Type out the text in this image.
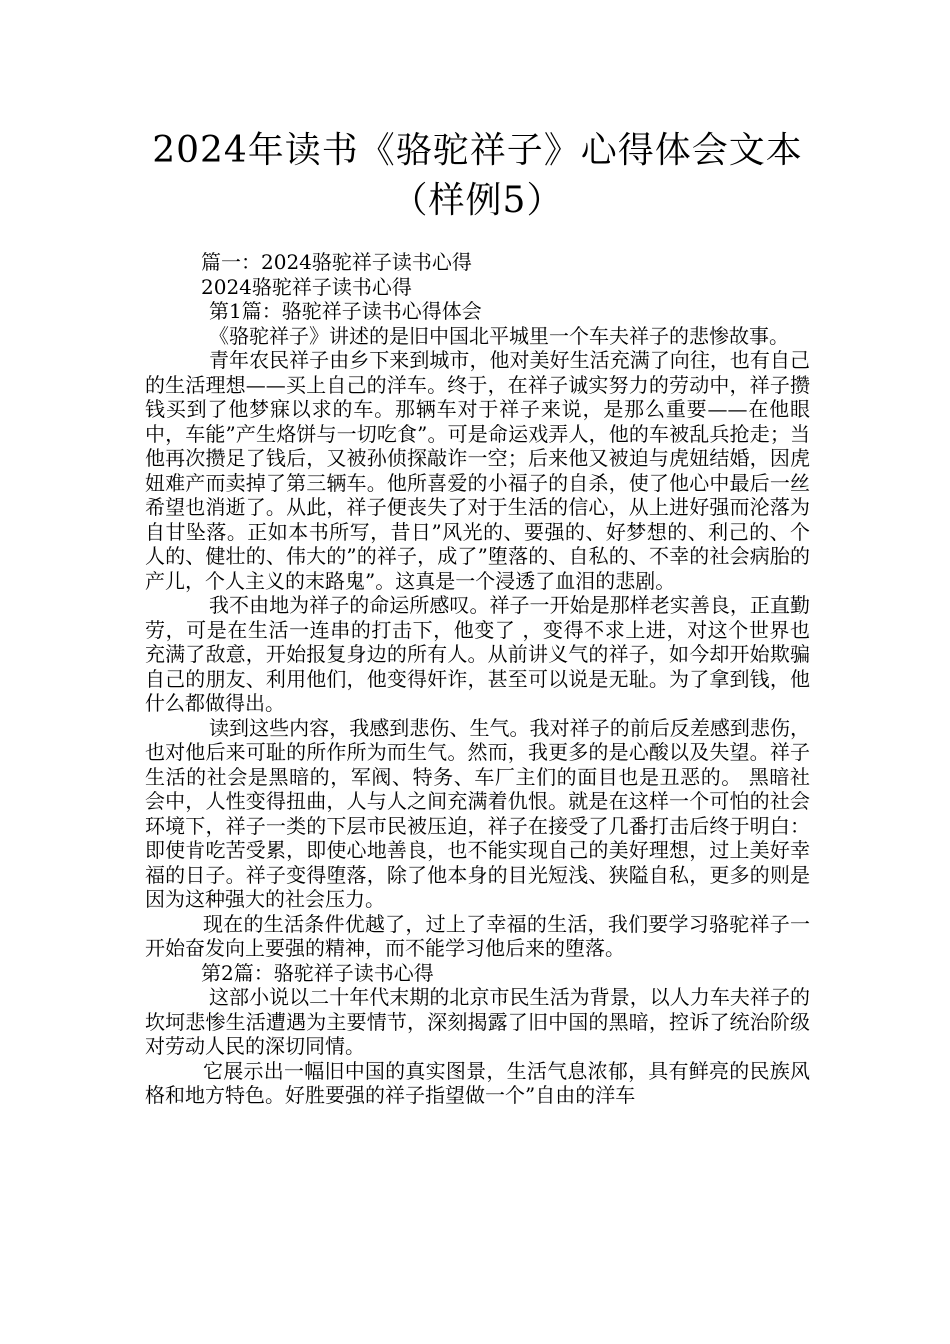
2024年读书《骆驼祥子》心得体会文本
（样例5）

篇一：2024骆驼祥子读书心得

2024骆驼祥子读书心得

第1篇：骆驼祥子读书心得体会

《骆驼祥子》讲述的是旧中国北平城里一个车夫祥子的悲惨故事。

青年农民祥子由乡下来到城市，他对美好生活充满了向往，也有自己的生活理想——买上自己的洋车。终于，在祥子诚实努力的劳动中，祥子攒钱买到了他梦寐以求的车。那辆车对于祥子来说，是那么重要——在他眼中，车能”产生烙饼与一切吃食”。可是命运戏弄人，他的车被乱兵抢走；当他再次攒足了钱后，又被孙侦探敲诈一空；后来他又被迫与虎妞结婚，因虎妞难产而卖掉了第三辆车。他所喜爱的小福子的自杀，使了他心中最后一丝希望也消逝了。从此，祥子便丧失了对于生活的信心，从上进好强而沦落为自甘坠落。正如本书所写，昔日”风光的、要强的、好梦想的、利己的、个人的、健壮的、伟大的”的祥子，成了”堕落的、自私的、不幸的社会病胎的产儿，个人主义的末路鬼”。这真是一个浸透了血泪的悲剧。

我不由地为祥子的命运所感叹。祥子一开始是那样老实善良，正直勤劳，可是在生活一连串的打击下，他变了 ，变得不求上进，对这个世界也充满了敌意，开始报复身边的所有人。从前讲义气的祥子，如今却开始欺骗自己的朋友、利用他们，他变得奸诈，甚至可以说是无耻。为了拿到钱，他什么都做得出。

读到这些内容，我感到悲伤、生气。我对祥子的前后反差感到悲伤，也对他后来可耻的所作所为而生气。然而，我更多的是心酸以及失望。祥子生活的社会是黑暗的，军阀、特务、车厂主们的面目也是丑恶的。 黑暗社会中，人性变得扭曲，人与人之间充满着仇恨。就是在这样一个可怕的社会环境下，祥子一类的下层市民被压迫，祥子在接受了几番打击后终于明白：即使肯吃苦受累，即使心地善良，也不能实现自己的美好理想，过上美好幸福的日子。祥子变得堕落，除了他本身的目光短浅、狭隘自私，更多的则是因为这种强大的社会压力。

现在的生活条件优越了，过上了幸福的生活，我们要学习骆驼祥子一开始奋发向上要强的精神，而不能学习他后来的堕落。

第2篇：骆驼祥子读书心得

这部小说以二十年代末期的北京市民生活为背景，以人力车夫祥子的坎坷悲惨生活遭遇为主要情节，深刻揭露了旧中国的黑暗，控诉了统治阶级对劳动人民的深切同情。

它展示出一幅旧中国的真实图景，生活气息浓郁，具有鲜亮的民族风格和地方特色。好胜要强的祥子指望做一个”自由的洋车
